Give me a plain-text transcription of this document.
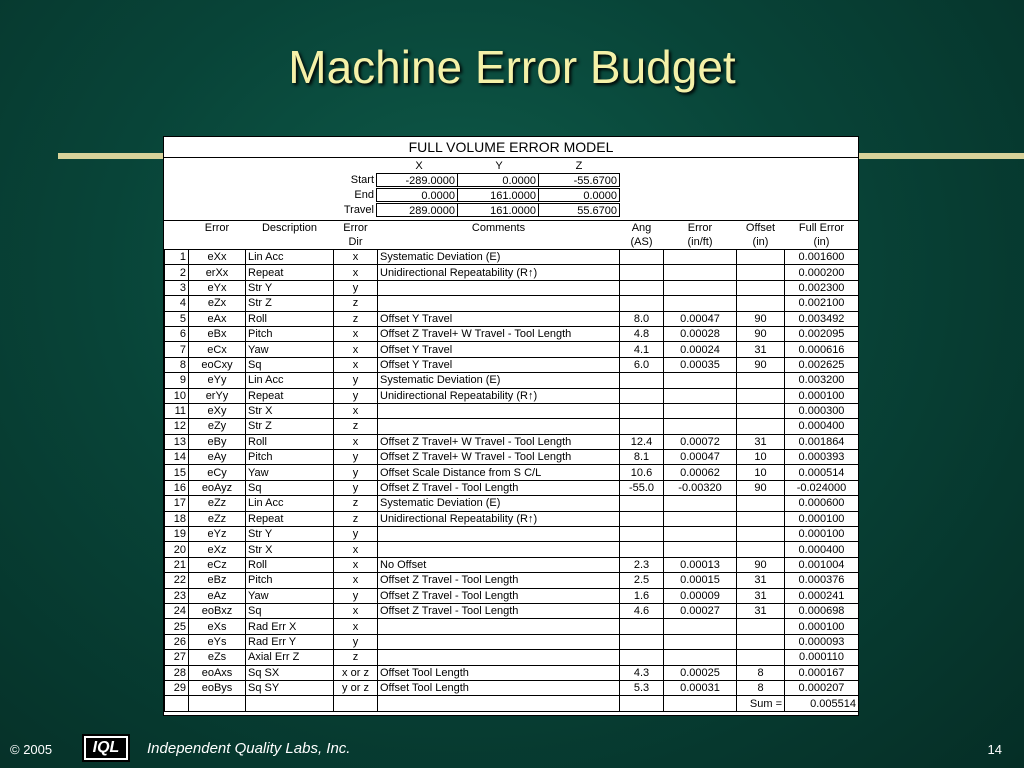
Machine Error Budget
FULL VOLUME ERROR MODEL
X	Y	Z
Start	-289.0000	0.0000	-55.6700
End	0.0000	161.0000	0.0000
Travel	289.0000	161.0000	55.6700
	Error	Description	Error	Comments	Ang	Error	Offset	Full Error
			Dir		(AS)	(in/ft)	(in)	(in)
1	eXx	Lin Acc	x	Systematic Deviation (E)				0.001600
2	erXx	Repeat	x	Unidirectional Repeatability (R↑)				0.000200
3	eYx	Str Y	y					0.002300
4	eZx	Str Z	z					0.002100
5	eAx	Roll	z	Offset Y Travel	8.0	0.00047	90	0.003492
6	eBx	Pitch	x	Offset Z Travel+ W Travel - Tool Length	4.8	0.00028	90	0.002095
7	eCx	Yaw	x	Offset Y Travel	4.1	0.00024	31	0.000616
8	eoCxy	Sq	x	Offset Y Travel	6.0	0.00035	90	0.002625
9	eYy	Lin Acc	y	Systematic Deviation (E)				0.003200
10	erYy	Repeat	y	Unidirectional Repeatability (R↑)				0.000100
11	eXy	Str X	x					0.000300
12	eZy	Str Z	z					0.000400
13	eBy	Roll	x	Offset Z Travel+ W Travel - Tool Length	12.4	0.00072	31	0.001864
14	eAy	Pitch	y	Offset Z Travel+ W Travel - Tool Length	8.1	0.00047	10	0.000393
15	eCy	Yaw	y	Offset Scale Distance from S C/L	10.6	0.00062	10	0.000514
16	eoAyz	Sq	y	Offset Z Travel - Tool Length	-55.0	-0.00320	90	-0.024000
17	eZz	Lin Acc	z	Systematic Deviation (E)				0.000600
18	eZz	Repeat	z	Unidirectional Repeatability (R↑)				0.000100
19	eYz	Str Y	y					0.000100
20	eXz	Str X	x					0.000400
21	eCz	Roll	x	No Offset	2.3	0.00013	90	0.001004
22	eBz	Pitch	x	Offset Z Travel - Tool Length	2.5	0.00015	31	0.000376
23	eAz	Yaw	y	Offset Z Travel - Tool Length	1.6	0.00009	31	0.000241
24	eoBxz	Sq	x	Offset Z Travel - Tool Length	4.6	0.00027	31	0.000698
25	eXs	Rad Err X	x					0.000100
26	eYs	Rad Err Y	y					0.000093
27	eZs	Axial Err Z	z					0.000110
28	eoAxs	Sq SX	x or z	Offset Tool Length	4.3	0.00025	8	0.000167
29	eoBys	Sq SY	y or z	Offset Tool Length	5.3	0.00031	8	0.000207
							Sum =	0.005514
© 2005	IQL	Independent Quality Labs, Inc.	14
